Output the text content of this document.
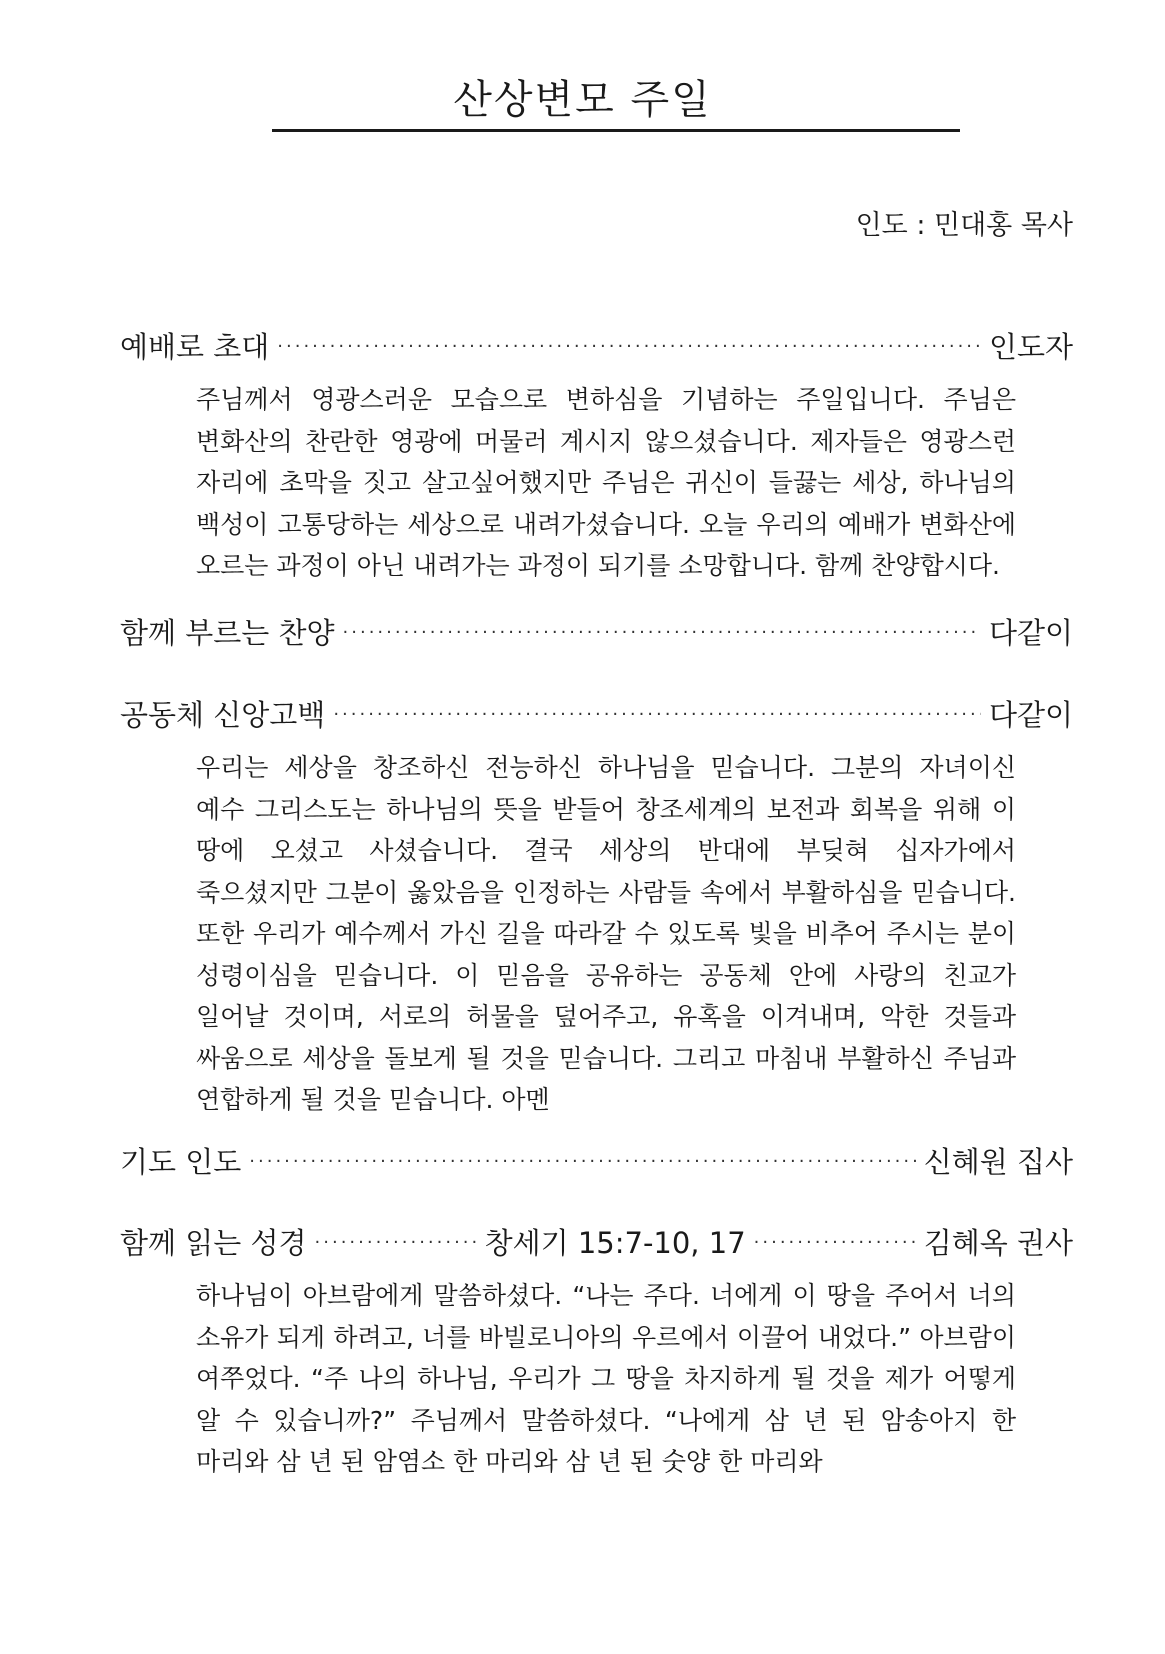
산상변모 주일
인도 : 민대홍 목사
예배로 초대 ·····	인도자
주님께서 영광스러운 모습으로 변하심을 기념하는 주일입니다. 주님은 변화산의 찬란한 영광에 머물러 계시지 않으셨습니다. 제자들은 영광스런 자리에 초막을 짓고 살고싶어했지만 주님은 귀신이 들끓는 세상, 하나님의 백성이 고통당하는 세상으로 내려가셨습니다. 오늘 우리의 예배가 변화산에 오르는 과정이 아닌 내려가는 과정이 되기를 소망합니다. 함께 찬양합시다.
함께 부르는 찬양 ·····	다같이
공동체 신앙고백 ·····	다같이
우리는 세상을 창조하신 전능하신 하나님을 믿습니다. 그분의 자녀이신 예수 그리스도는 하나님의 뜻을 받들어 창조세계의 보전과 회복을 위해 이 땅에 오셨고 사셨습니다. 결국 세상의 반대에 부딪혀 십자가에서 죽으셨지만 그분이 옳았음을 인정하는 사람들 속에서 부활하심을 믿습니다. 또한 우리가 예수께서 가신 길을 따라갈 수 있도록 빛을 비추어 주시는 분이 성령이심을 믿습니다. 이 믿음을 공유하는 공동체 안에 사랑의 친교가 일어날 것이며, 서로의 허물을 덮어주고, 유혹을 이겨내며, 악한 것들과 싸움으로 세상을 돌보게 될 것을 믿습니다. 그리고 마침내 부활하신 주님과 연합하게 될 것을 믿습니다. 아멘
기도 인도 ·····	신혜원 집사
함께 읽는 성경 ·····	창세기 15:7-10, 17 ·····	김혜옥 권사
하나님이 아브람에게 말씀하셨다. “나는 주다. 너에게 이 땅을 주어서 너의 소유가 되게 하려고, 너를 바빌로니아의 우르에서 이끌어 내었다.” 아브람이 여쭈었다. “주 나의 하나님, 우리가 그 땅을 차지하게 될 것을 제가 어떻게 알 수 있습니까?” 주님께서 말씀하셨다. “나에게 삼 년 된 암송아지 한 마리와 삼 년 된 암염소 한 마리와 삼 년 된 숫양 한 마리와
